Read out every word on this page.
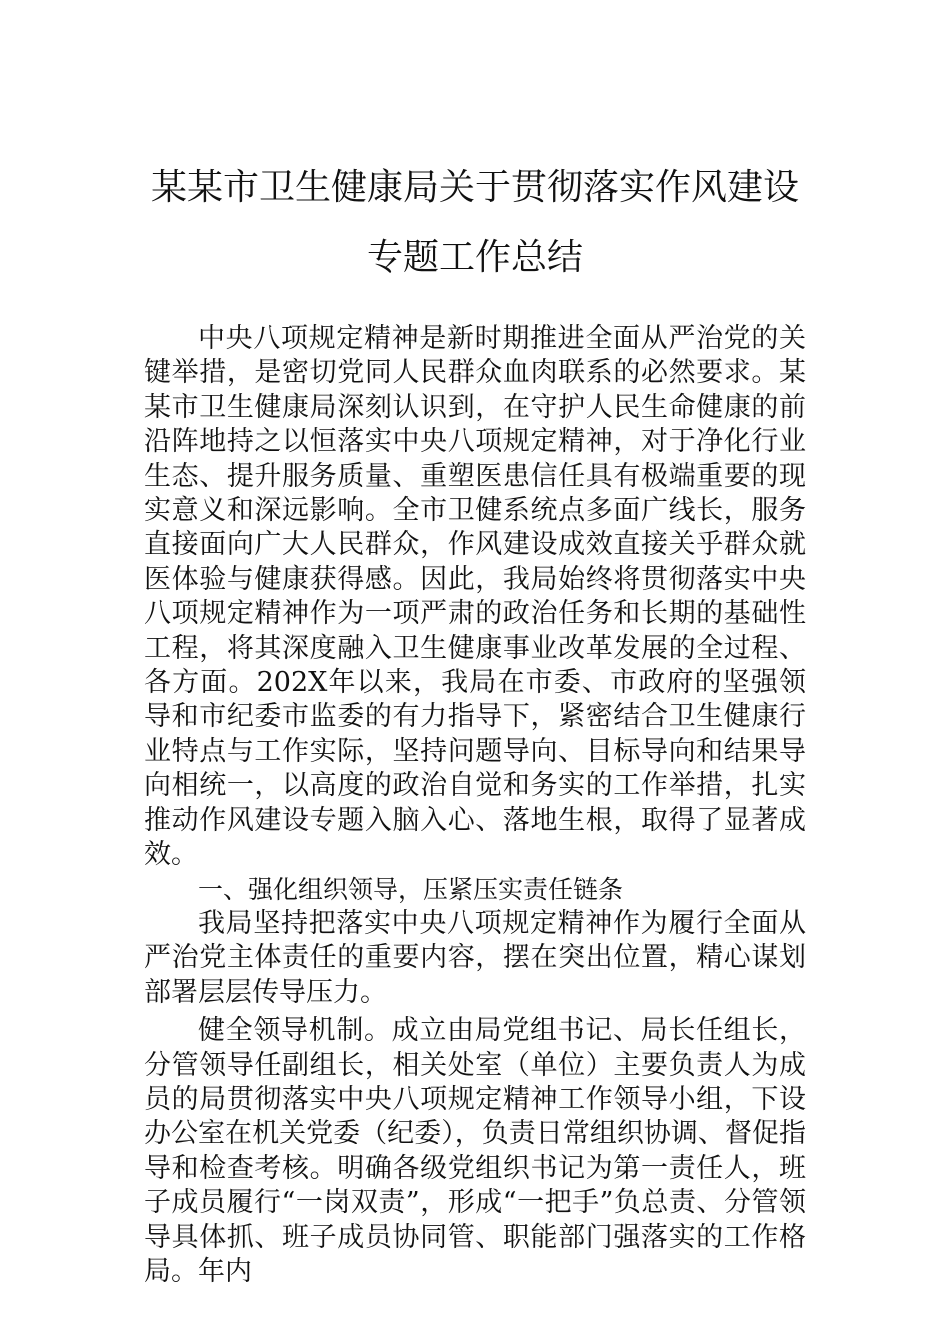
某某市卫生健康局关于贯彻落实作风建设
专题工作总结

中央八项规定精神是新时期推进全面从严治党的关键举措，是密切党同人民群众血肉联系的必然要求。某某市卫生健康局深刻认识到，在守护人民生命健康的前沿阵地持之以恒落实中央八项规定精神，对于净化行业生态、提升服务质量、重塑医患信任具有极端重要的现实意义和深远影响。全市卫健系统点多面广线长，服务直接面向广大人民群众，作风建设成效直接关乎群众就医体验与健康获得感。因此，我局始终将贯彻落实中央八项规定精神作为一项严肃的政治任务和长期的基础性工程，将其深度融入卫生健康事业改革发展的全过程、各方面。202X年以来，我局在市委、市政府的坚强领导和市纪委市监委的有力指导下，紧密结合卫生健康行业特点与工作实际，坚持问题导向、目标导向和结果导向相统一，以高度的政治自觉和务实的工作举措，扎实推动作风建设专题入脑入心、落地生根，取得了显著成效。

一、强化组织领导，压紧压实责任链条

我局坚持把落实中央八项规定精神作为履行全面从严治党主体责任的重要内容，摆在突出位置，精心谋划部署层层传导压力。

健全领导机制。成立由局党组书记、局长任组长，分管领导任副组长，相关处室（单位）主要负责人为成员的局贯彻落实中央八项规定精神工作领导小组，下设办公室在机关党委（纪委），负责日常组织协调、督促指导和检查考核。明确各级党组织书记为第一责任人，班子成员履行“一岗双责”，形成“一把手”负总责、分管领导具体抓、班子成员协同管、职能部门强落实的工作格局。年内
